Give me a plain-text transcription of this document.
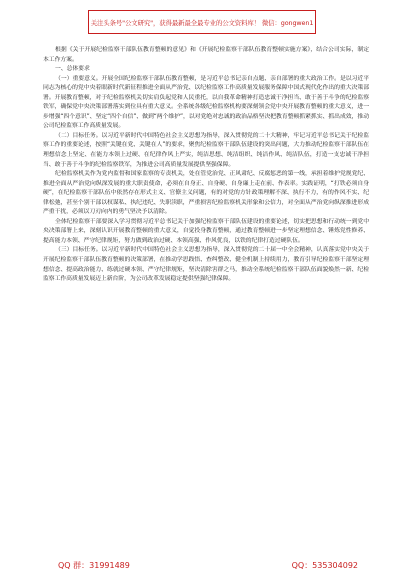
关注头条号"公文研究"，获得最新最全最专业的公文资料库！ 微信：gongwen1

根据《关于开展纪检监察干部队伍教育整顿的意见》和《开展纪检监察干部队伍教育整顿实施方案》，结合公司实际，制定本工作方案。

一、总体要求

（一）重要意义。开展全国纪检监察干部队伍教育整顿，是习近平总书记亲自点题、亲自部署的重大政治工作。是以习近平同志为核心的党中央着眼新时代新征程推进全面从严治党、以纪检监察工作高质量发展服务保障中国式现代化作出的重大决策部署。开展教育整顿，对于纪检监察机关切实肩负起党和人民重托，以自我革命精神打造忠诚干净担当、敢于善于斗争的纪检监察铁军，确保党中央决策部署落实到位具有重大意义。全系统各级纪检监察机构要深刻领会党中央开展教育整顿的重大意义，进一步增强“四个意识”、坚定“四个自信”、做到“两个维护”，以对党绝对忠诚的政治品格坚决把教育整顿抓紧抓实、抓出成效，推动公司纪检监察工作高质量发展。

（二）目标任务。以习近平新时代中国特色社会主义思想为指导，深入贯彻党的二十大精神，牢记习近平总书记关于纪检监察工作的重要论述，按照“关键在党、关键在人”的要求，聚焦纪检监察干部队伍建设的突出问题，大力推动纪检监察干部队伍在理想信念上坚定、在能力本领上过硬、在纪律作风上严实，纯洁思想、纯洁组织、纯洁作风、纯洁队伍，打造一支忠诚干净担当、敢于善于斗争的纪检监察铁军，为推进公司高质量发展提供坚强保障。

纪检监察机关作为党内监督和国家监察的专责机关，处在管党治党、正风肃纪、反腐惩恶的第一线，承担着维护党规党纪、推进全面从严治党向纵深发展的重大职责使命，必须在自身正、自身硬、自身廉上走在前、作表率。实践证明，“打铁必须自身硬”，在纪检监察干部队伍中依然存在形式主义、官僚主义问题，有的对党的方针政策理解不深、执行不力，有的作风不实、纪律松弛，甚至个别干部以权谋私、执纪违纪、失职渎职，严重损害纪检监察机关形象和公信力，对全面从严治党向纵深推进形成严重干扰，必须以刀刃向内的勇气坚决予以清除。

全体纪检监察干部要深入学习贯彻习近平总书记关于加强纪检监察干部队伍建设的重要论述，切实把思想和行动统一到党中央决策部署上来，深刻认识开展教育整顿的重大意义，自觉投身教育整顿，通过教育整顿进一步坚定理想信念、锤炼党性修养、提高能力本领、严守纪律规矩，努力做到政治过硬、本领高强、作风优良，以铁的纪律打造过硬队伍。

（三）目标任务。以习近平新时代中国特色社会主义思想为指导，深入贯彻党的二十届一中全会精神，认真落实党中央关于开展纪检监察干部队伍教育整顿的决策部署，在推动学思践悟、查纠整改、健全机制上持续用力，教育引导纪检监察干部坚定理想信念、提高政治能力、练就过硬本领、严守纪律规矩，坚决清除害群之马，推动全系统纪检监察干部队伍面貌焕然一新、纪检监察工作高质量发展迈上新台阶，为公司改革发展稳定提供坚强纪律保障。

QQ 群：31991489	QQ：535304092
